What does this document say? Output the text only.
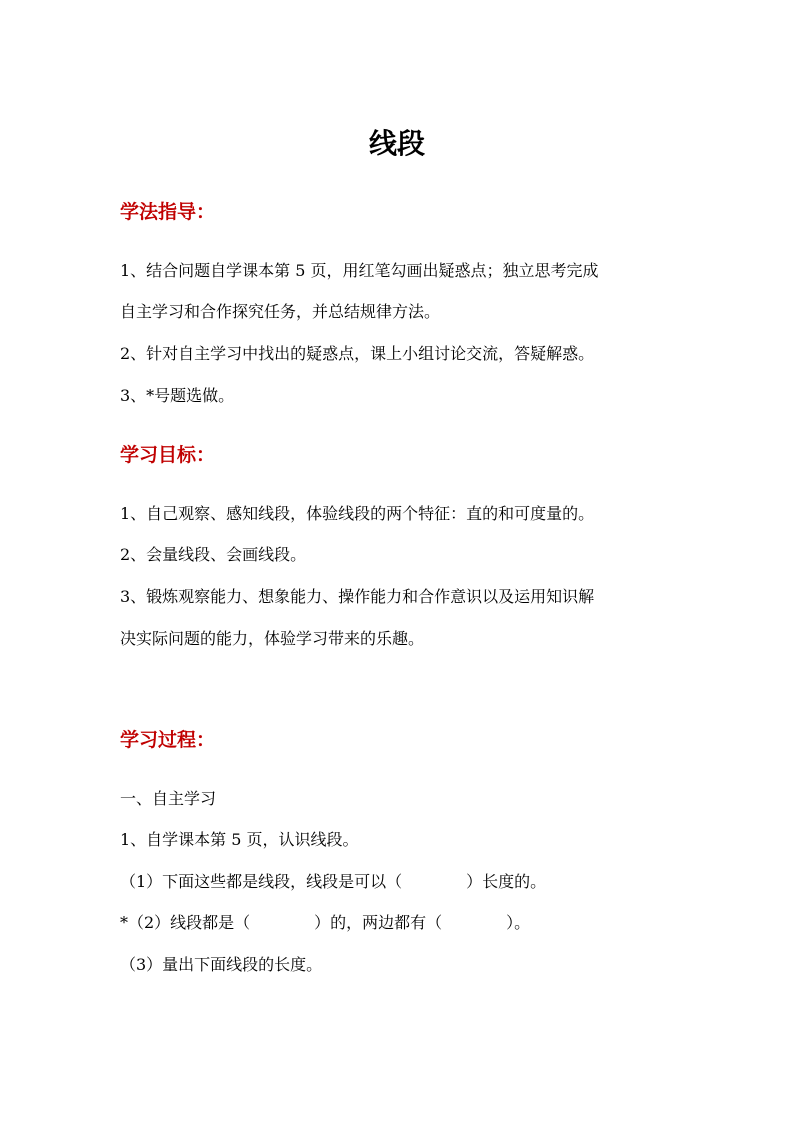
线段
学法指导：
1、结合问题自学课本第 5 页，用红笔勾画出疑惑点；独立思考完成
自主学习和合作探究任务，并总结规律方法。
2、针对自主学习中找出的疑惑点，课上小组讨论交流，答疑解惑。
3、*号题选做。
学习目标：
1、自己观察、感知线段，体验线段的两个特征：直的和可度量的。
2、会量线段、会画线段。
3、锻炼观察能力、想象能力、操作能力和合作意识以及运用知识解
决实际问题的能力，体验学习带来的乐趣。
学习过程：
一、自主学习
1、自学课本第 5 页，认识线段。
（1）下面这些都是线段，线段是可以（　　　　）长度的。
*（2）线段都是（　　　　）的，两边都有（　　　　）。
（3）量出下面线段的长度。
